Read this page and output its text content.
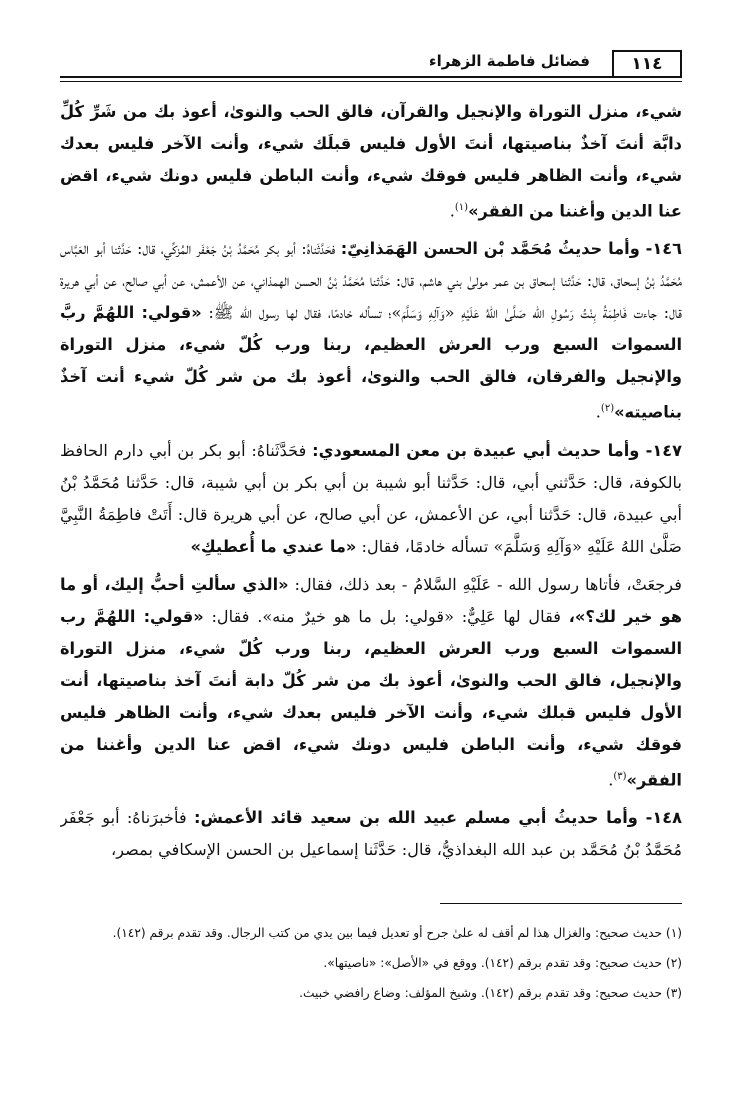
فضائل فاطمة الزهراء	١١٤

شيء، منزل التوراة والإنجيل والقرآن، فالق الحب والنوىٰ، أعوذ بك من شَرِّ كُلِّ دابَّة أنتَ آخذٌ بناصيتها، أنتَ الأول فليس قبلَك شيء، وأنت الآخر فليس بعدك شيء، وأنت الظاهر فليس فوقك شيء، وأنت الباطن فليس دونك شيء، اقض عنا الدين وأغننا من الفقر»$^{(١)}$.

١٤٦- وأما حديثُ مُحَمَّد بْن الحسن الهَمَذانِيّ: فحَدَّثَناهُ: أبو بكر مُحَمَّدُ بْنُ جَعْفَر المُزكِّي، قال: حَدَّثنا أبو العَبَّاس مُحَمَّدُ بْنُ إسحاق، قال: حَدَّثنا إسحاق بن عمر مولىٰ بني هاشم، قال: حَدَّثنا مُحَمَّدُ بْنُ الحسن الهمذاني، عن الأعمش، عن أبي صالح، عن أبي هريرة قال: جاءت فَاطِمَةُ بِنْتُ رَسُولِ الله صَلَّىٰ اللهُ عَلَيْهِ «وَآلِهِ وَسَلَّمَ»؛ تسأله خادمًا، فقال لها رسول الله ﷺ: «قولي: اللهُمَّ ربَّ السموات السبع ورب العرش العظيم، ربنا ورب كُلّ شيء، منزل التوراة والإنجيل والفرقان، فالق الحب والنوىٰ، أعوذ بك من شر كُلّ شيء أنت آخذٌ بناصيته»$^{(٢)}$.

١٤٧- وأما حديث أبي عبيدة بن معن المسعودي: فحَدَّثَناهُ: أبو بكر بن أبي دارم الحافظ بالكوفة، قال: حَدَّثني أبي، قال: حَدَّثنا أبو شيبة بن أبي بكر بن أبي شيبة، قال: حَدَّثنا مُحَمَّدُ بْنُ أبي عبيدة، قال: حَدَّثنا أبي، عن الأعمش، عن أبي صالح، عن أبي هريرة قال: أَتَتْ فاطِمَةُ النَّبِيَّ صَلَّىٰ اللهُ عَلَيْهِ «وَآلِهِ وَسَلَّمَ» تسأله خادمًا، فقال: «ما عندي ما أُعطيكِ»

فرجعَتْ، فأتاها رسول الله - عَلَيْهِ السَّلامُ - بعد ذلك، فقال: «الذي سألتِ أحبُّ إليك، أو ما هو خير لك؟»، فقال لها عَلِيٌّ: «قولي: بل ما هو خيرٌ منه». فقال: «قولي: اللهُمَّ رب السموات السبع ورب العرش العظيم، ربنا ورب كُلّ شيء، منزل التوراة والإنجيل، فالق الحب والنوىٰ، أعوذ بك من شر كُلّ دابة أنتَ آخذ بناصيتها، أنت الأول فليس قبلك شيء، وأنت الآخر فليس بعدك شيء، وأنت الظاهر فليس فوقك شيء، وأنت الباطن فليس دونك شيء، اقض عنا الدين وأغننا من الفقر»$^{(٣)}$.

١٤٨- وأما حديثُ أبي مسلم عبيد الله بن سعيد قائد الأعمش: فأخبرَناهُ: أبو جَعْفَر مُحَمَّدُ بْنُ مُحَمَّد بن عبد الله البغداذيُّ، قال: حَدَّثَنا إسماعيل بن الحسن الإسكافي بمصر،

(١) حديث صحيح: والغزال هذا لم أقف له علىٰ جرح أو تعديل فيما بين يدي من كتب الرجال. وقد تقدم برقم (١٤٢).
(٢) حديث صحيح: وقد تقدم برقم (١٤٢). ووقع في «الأصل»: «ناصيتها».
(٣) حديث صحيح: وقد تقدم برقم (١٤٢). وشيخ المؤلف: وضاع رافضي خبيث.
